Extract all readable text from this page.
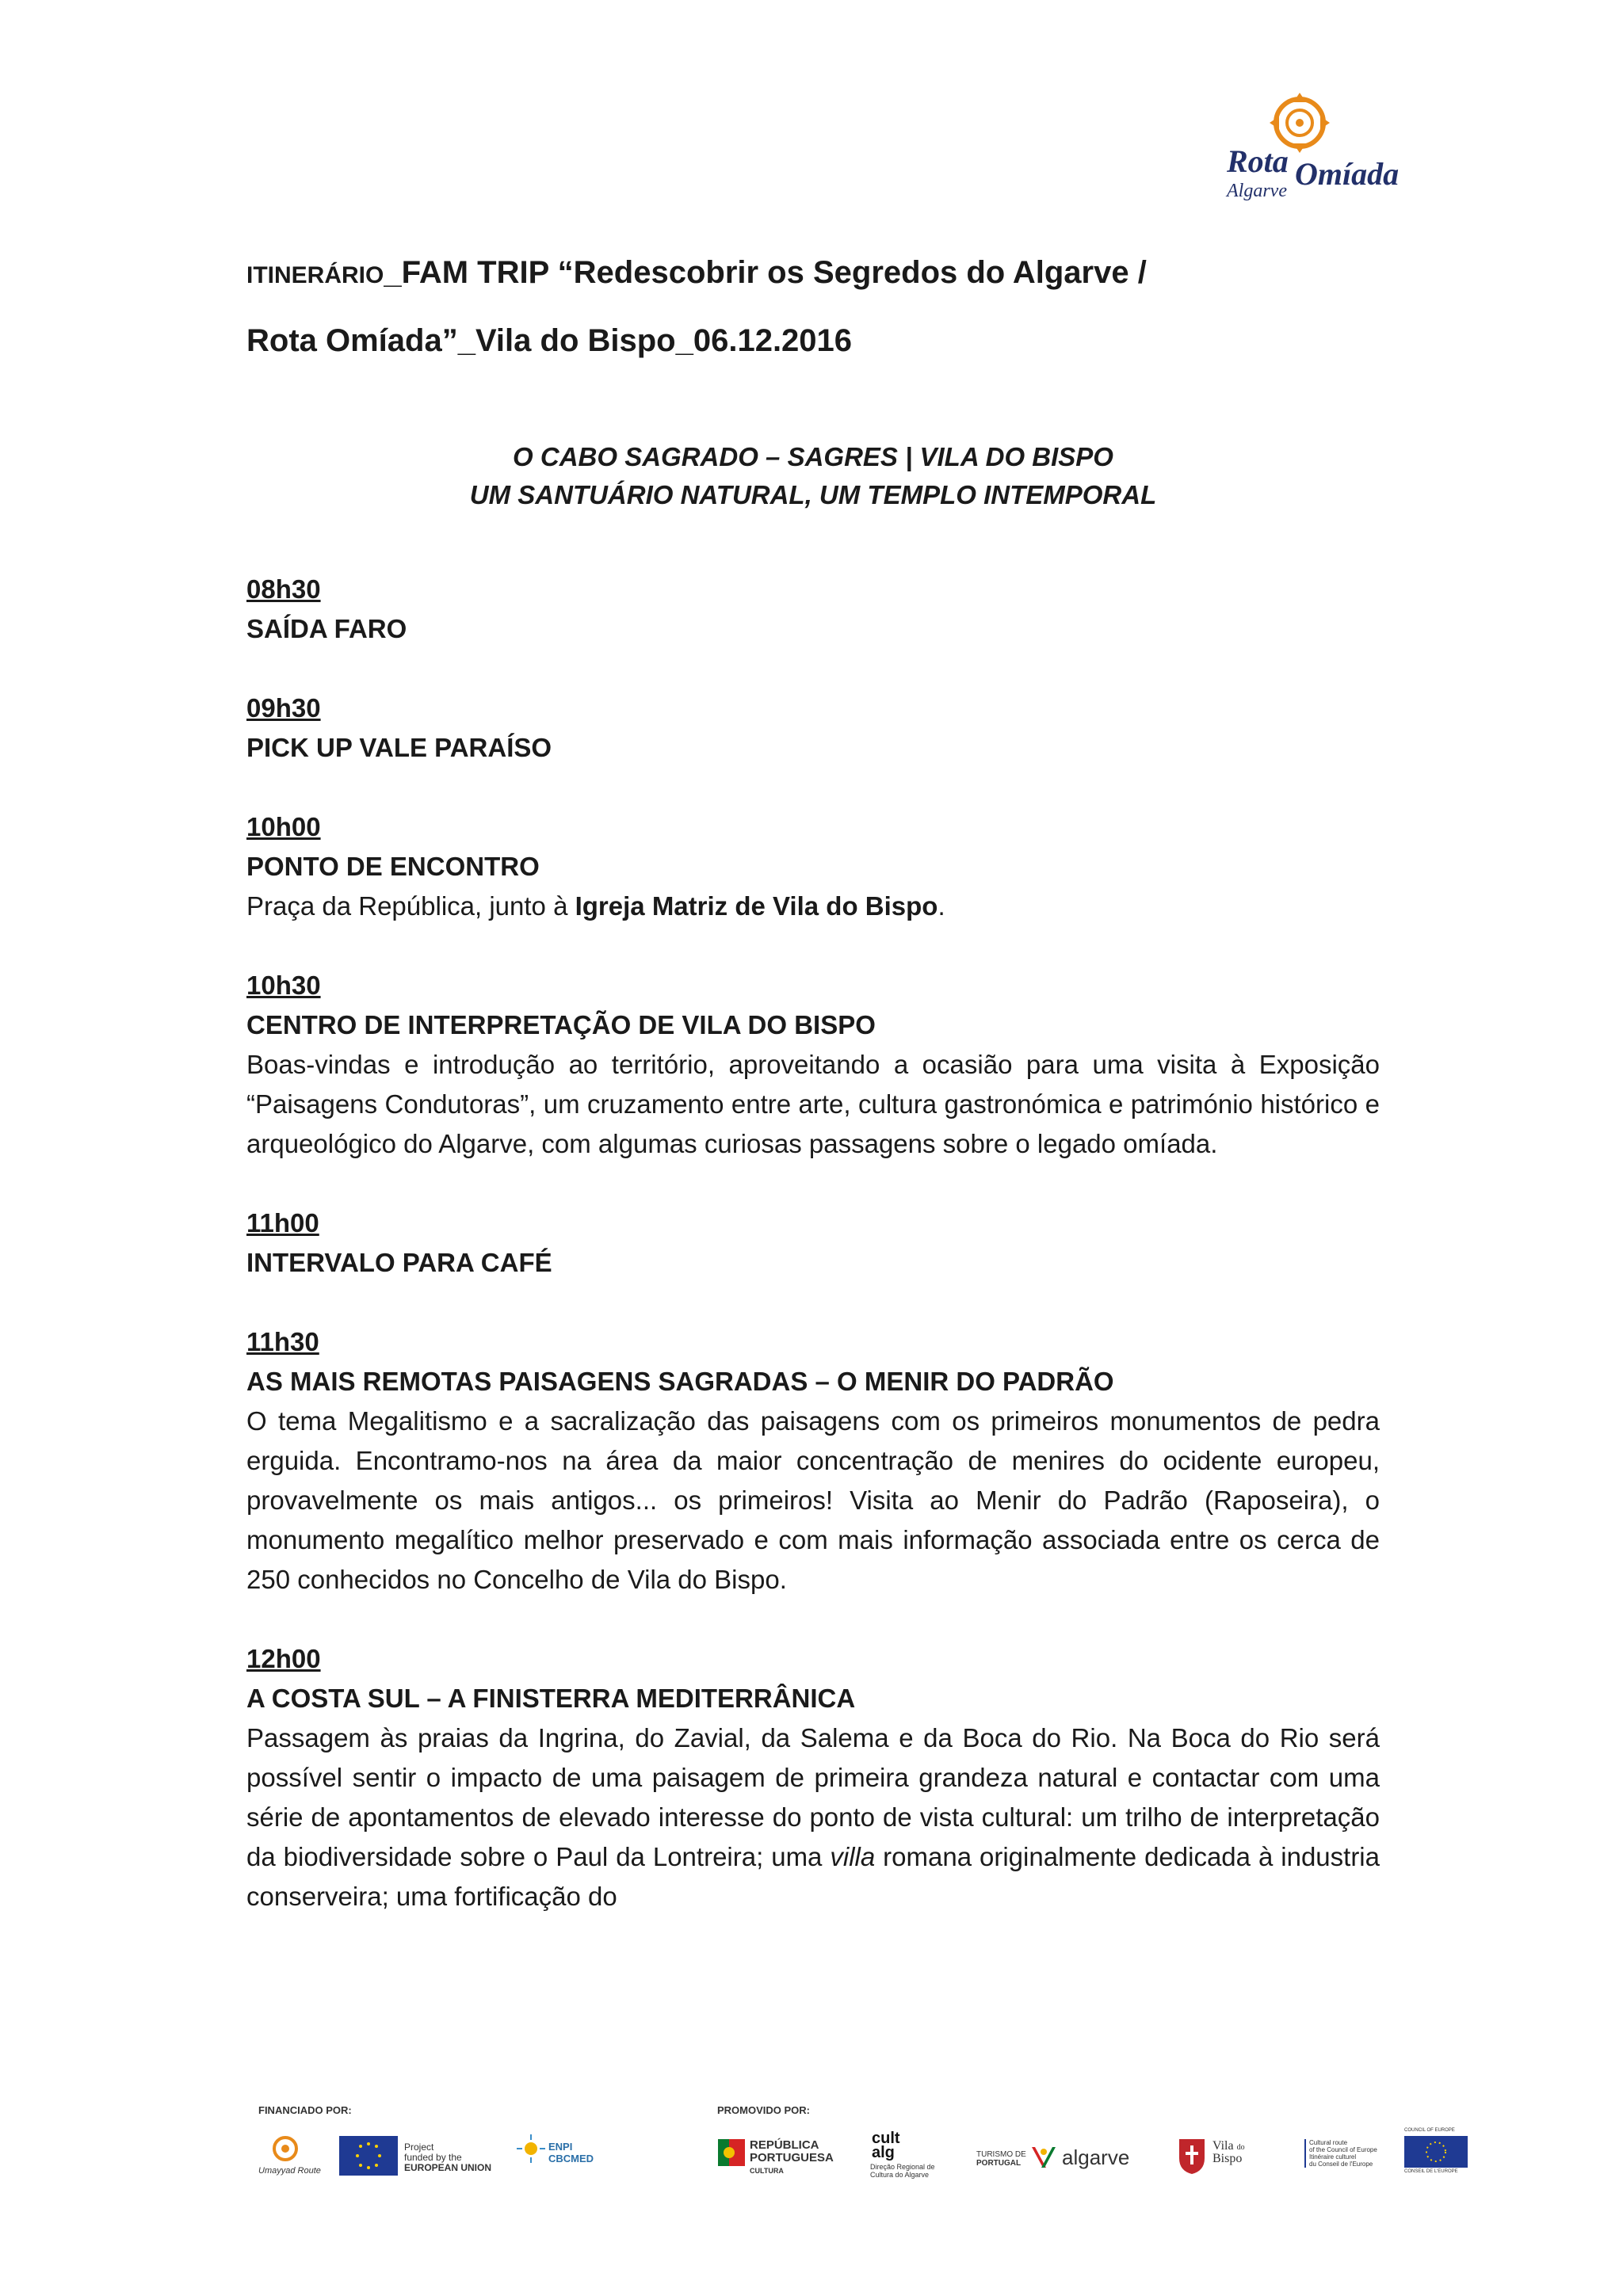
Rota Omíada
Algarve
ITINERÁRIO_FAM TRIP “Redescobrir os Segredos do Algarve /
Rota Omíada”_Vila do Bispo_06.12.2016
O CABO SAGRADO – SAGRES | VILA DO BISPO
UM SANTUÁRIO NATURAL, UM TEMPLO INTEMPORAL
08h30
SAÍDA FARO
09h30
PICK UP VALE PARAÍSO
10h00
PONTO DE ENCONTRO
Praça da República, junto à Igreja Matriz de Vila do Bispo.
10h30
CENTRO DE INTERPRETAÇÃO DE VILA DO BISPO
Boas-vindas e introdução ao território, aproveitando a ocasião para uma visita à Exposição “Paisagens Condutoras”, um cruzamento entre arte, cultura gastronómica e património histórico e arqueológico do Algarve, com algumas curiosas passagens sobre o legado omíada.
11h00
INTERVALO PARA CAFÉ
11h30
AS MAIS REMOTAS PAISAGENS SAGRADAS – O MENIR DO PADRÃO
O tema Megalitismo e a sacralização das paisagens com os primeiros monumentos de pedra erguida. Encontramo-nos na área da maior concentração de menires do ocidente europeu, provavelmente os mais antigos... os primeiros! Visita ao Menir do Padrão (Raposeira), o monumento megalítico melhor preservado e com mais informação associada entre os cerca de 250 conhecidos no Concelho de Vila do Bispo.
12h00
A COSTA SUL – A FINISTERRA MEDITERRÂNICA
Passagem às praias da Ingrina, do Zavial, da Salema e da Boca do Rio. Na Boca do Rio será possível sentir o impacto de uma paisagem de primeira grandeza natural e contactar com uma série de apontamentos de elevado interesse do ponto de vista cultural: um trilho de interpretação da biodiversidade sobre o Paul da Lontreira; uma villa romana originalmente dedicada à industria conserveira; uma fortificação do
FINANCIADO POR:	PROMOVIDO POR:
Umayyad Route
Project
funded by the
EUROPEAN UNION
ENPI
CBCMED
REPÚBLICA
PORTUGUESA
CULTURA
cult
alg
Direção Regional de
Cultura do Algarve
TURISMO DE
PORTUGAL algarve	Vila do
Bispo
Cultural route
of the Council of Europe
Itinéraire culturel
du Conseil de l'Europe
COUNCIL OF EUROPE
CONSEIL DE L'EUROPE
